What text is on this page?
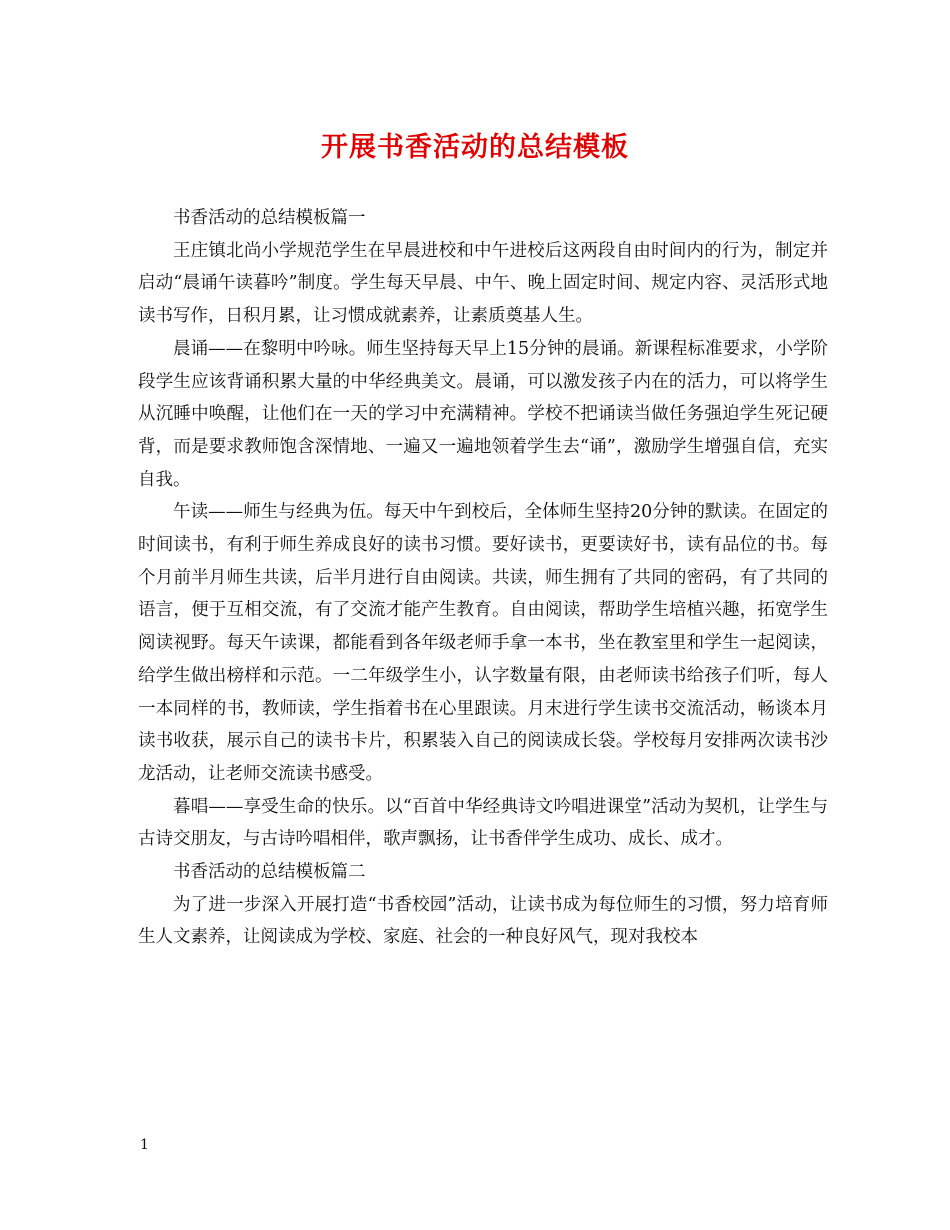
开展书香活动的总结模板

书香活动的总结模板篇一

王庄镇北尚小学规范学生在早晨进校和中午进校后这两段自由时间内的行为，制定并启动“晨诵午读暮吟”制度。学生每天早晨、中午、晚上固定时间、规定内容、灵活形式地读书写作，日积月累，让习惯成就素养，让素质奠基人生。

晨诵——在黎明中吟咏。师生坚持每天早上15分钟的晨诵。新课程标准要求，小学阶段学生应该背诵积累大量的中华经典美文。晨诵，可以激发孩子内在的活力，可以将学生从沉睡中唤醒，让他们在一天的学习中充满精神。学校不把诵读当做任务强迫学生死记硬背，而是要求教师饱含深情地、一遍又一遍地领着学生去“诵”，激励学生增强自信，充实自我。

午读——师生与经典为伍。每天中午到校后，全体师生坚持20分钟的默读。在固定的时间读书，有利于师生养成良好的读书习惯。要好读书，更要读好书，读有品位的书。每个月前半月师生共读，后半月进行自由阅读。共读，师生拥有了共同的密码，有了共同的语言，便于互相交流，有了交流才能产生教育。自由阅读，帮助学生培植兴趣，拓宽学生阅读视野。每天午读课，都能看到各年级老师手拿一本书，坐在教室里和学生一起阅读，给学生做出榜样和示范。一二年级学生小，认字数量有限，由老师读书给孩子们听，每人一本同样的书，教师读，学生指着书在心里跟读。月末进行学生读书交流活动，畅谈本月读书收获，展示自己的读书卡片，积累装入自己的阅读成长袋。学校每月安排两次读书沙龙活动，让老师交流读书感受。

暮唱——享受生命的快乐。以“百首中华经典诗文吟唱进课堂”活动为契机，让学生与古诗交朋友，与古诗吟唱相伴，歌声飘扬，让书香伴学生成功、成长、成才。

书香活动的总结模板篇二

为了进一步深入开展打造“书香校园”活动，让读书成为每位师生的习惯，努力培育师生人文素养，让阅读成为学校、家庭、社会的一种良好风气，现对我校本

1
